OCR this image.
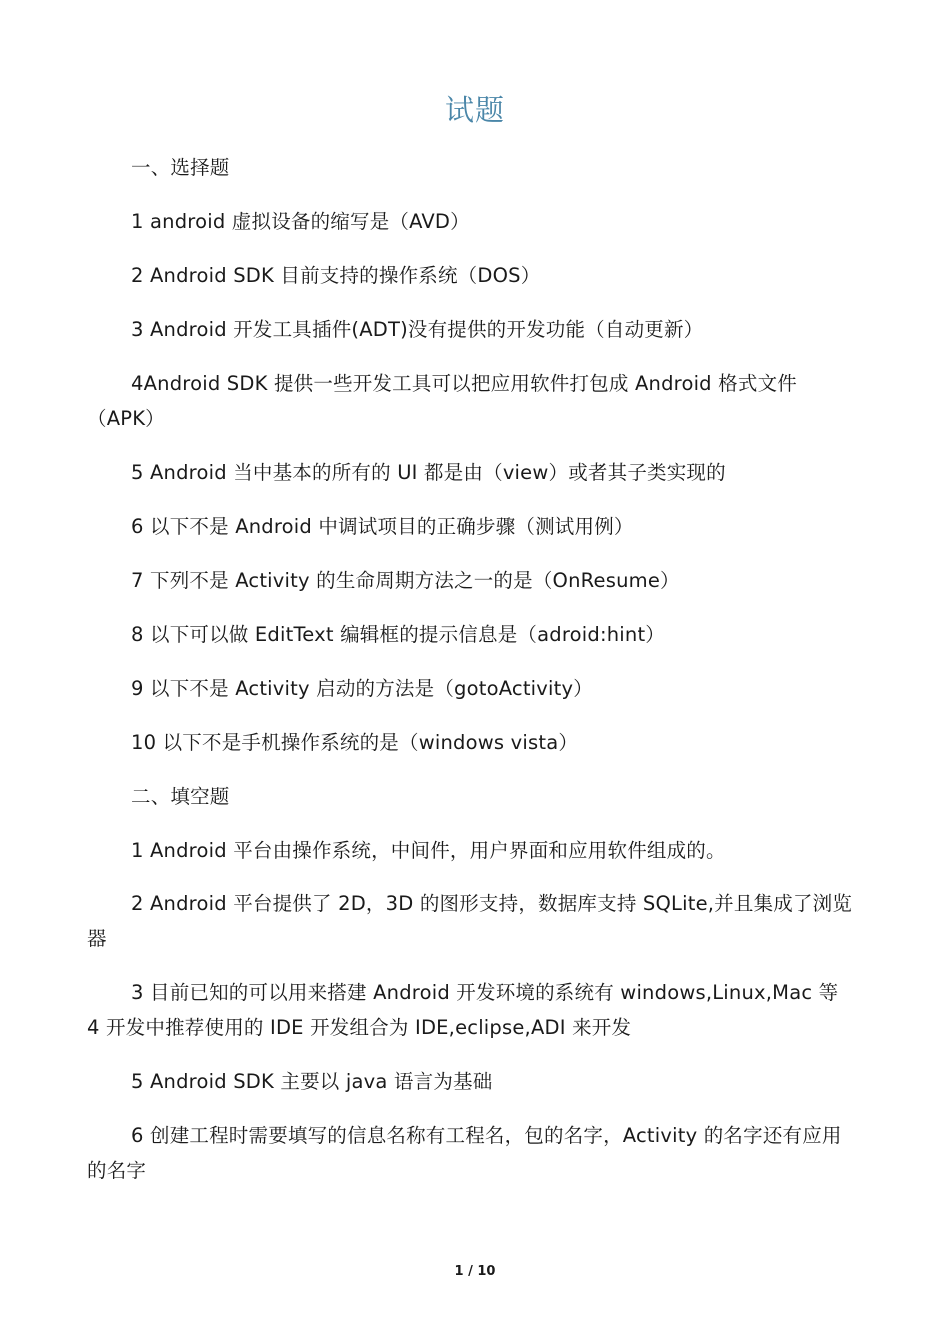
试题
一、选择题
1 android 虚拟设备的缩写是（AVD）
2 Android SDK 目前支持的操作系统（DOS）
3 Android 开发工具插件(ADT)没有提供的开发功能（自动更新）
4Android SDK 提供一些开发工具可以把应用软件打包成 Android 格式文件（APK）
5 Android 当中基本的所有的 UI 都是由（view）或者其子类实现的
6 以下不是 Android 中调试项目的正确步骤（测试用例）
7 下列不是 Activity 的生命周期方法之一的是（OnResume）
8 以下可以做 EditText 编辑框的提示信息是（adroid:hint）
9 以下不是 Activity 启动的方法是（gotoActivity）
10 以下不是手机操作系统的是（windows vista）
二、填空题
1 Android 平台由操作系统，中间件，用户界面和应用软件组成的。
2 Android 平台提供了 2D，3D 的图形支持，数据库支持 SQLite,并且集成了浏览器
3 目前已知的可以用来搭建 Android 开发环境的系统有 windows,Linux,Mac 等 4 开发中推荐使用的 IDE 开发组合为 IDE,eclipse,ADI 来开发
5 Android SDK 主要以 java 语言为基础
6 创建工程时需要填写的信息名称有工程名，包的名字，Activity 的名字还有应用的名字
1 / 10
